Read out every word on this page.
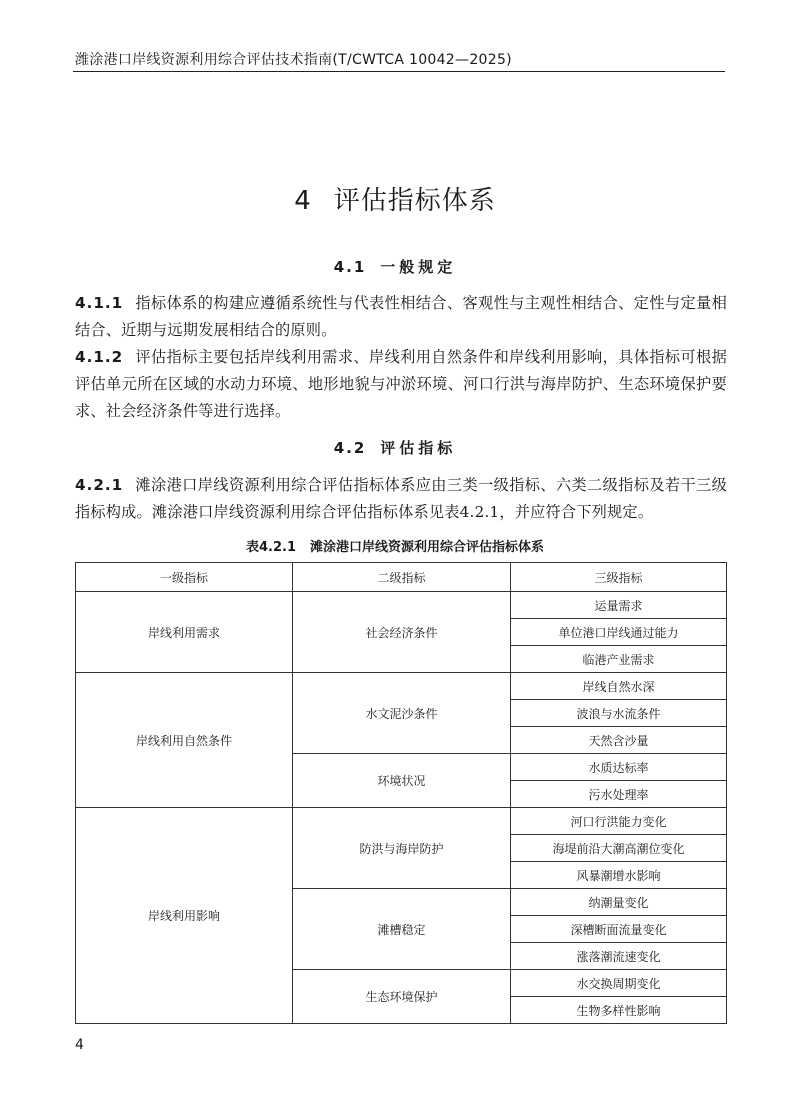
潍涂港口岸线资源利用综合评估技术指南(T/CWTCA 10042—2025)
4 评估指标体系
4.1 一般规定
4.1.1 指标体系的构建应遵循系统性与代表性相结合、客观性与主观性相结合、定性与定量相结合、近期与远期发展相结合的原则。
4.1.2 评估指标主要包括岸线利用需求、岸线利用自然条件和岸线利用影响，具体指标可根据评估单元所在区域的水动力环境、地形地貌与冲淤环境、河口行洪与海岸防护、生态环境保护要求、社会经济条件等进行选择。
4.2 评估指标
4.2.1 滩涂港口岸线资源利用综合评估指标体系应由三类一级指标、六类二级指标及若干三级指标构成。滩涂港口岸线资源利用综合评估指标体系见表4.2.1，并应符合下列规定。
表4.2.1 滩涂港口岸线资源利用综合评估指标体系
一级指标	二级指标	三级指标
岸线利用需求	社会经济条件	运量需求
		单位港口岸线通过能力
		临港产业需求
岸线利用自然条件	水文泥沙条件	岸线自然水深
		波浪与水流条件
		天然含沙量
	环境状况	水质达标率
		污水处理率
岸线利用影响	防洪与海岸防护	河口行洪能力变化
		海堤前沿大潮高潮位变化
		风暴潮增水影响
	滩槽稳定	纳潮量变化
		深槽断面流量变化
		涨落潮流速变化
	生态环境保护	水交换周期变化
		生物多样性影响
4
